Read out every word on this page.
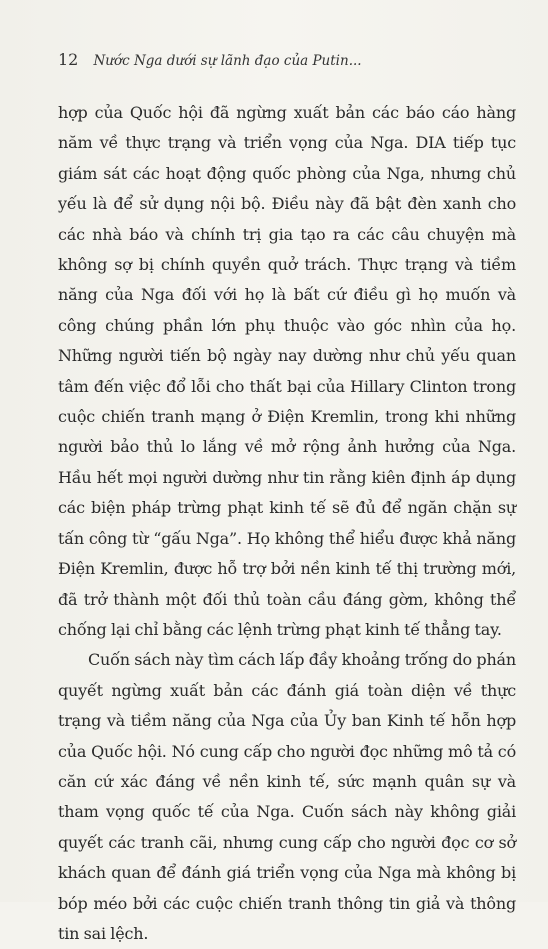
12 Nước Nga dưới sự lãnh đạo của Putin...

hợp của Quốc hội đã ngừng xuất bản các báo cáo hàng năm về thực trạng và triển vọng của Nga. DIA tiếp tục giám sát các hoạt động quốc phòng của Nga, nhưng chủ yếu là để sử dụng nội bộ. Điều này đã bật đèn xanh cho các nhà báo và chính trị gia tạo ra các câu chuyện mà không sợ bị chính quyền quở trách. Thực trạng và tiềm năng của Nga đối với họ là bất cứ điều gì họ muốn và công chúng phần lớn phụ thuộc vào góc nhìn của họ. Những người tiến bộ ngày nay dường như chủ yếu quan tâm đến việc đổ lỗi cho thất bại của Hillary Clinton trong cuộc chiến tranh mạng ở Điện Kremlin, trong khi những người bảo thủ lo lắng về mở rộng ảnh hưởng của Nga. Hầu hết mọi người dường như tin rằng kiên định áp dụng các biện pháp trừng phạt kinh tế sẽ đủ để ngăn chặn sự tấn công từ “gấu Nga”. Họ không thể hiểu được khả năng Điện Kremlin, được hỗ trợ bởi nền kinh tế thị trường mới, đã trở thành một đối thủ toàn cầu đáng gờm, không thể chống lại chỉ bằng các lệnh trừng phạt kinh tế thẳng tay.

Cuốn sách này tìm cách lấp đầy khoảng trống do phán quyết ngừng xuất bản các đánh giá toàn diện về thực trạng và tiềm năng của Nga của Ủy ban Kinh tế hỗn hợp của Quốc hội. Nó cung cấp cho người đọc những mô tả có căn cứ xác đáng về nền kinh tế, sức mạnh quân sự và tham vọng quốc tế của Nga. Cuốn sách này không giải quyết các tranh cãi, nhưng cung cấp cho người đọc cơ sở khách quan để đánh giá triển vọng của Nga mà không bị bóp méo bởi các cuộc chiến tranh thông tin giả và thông tin sai lệch.
